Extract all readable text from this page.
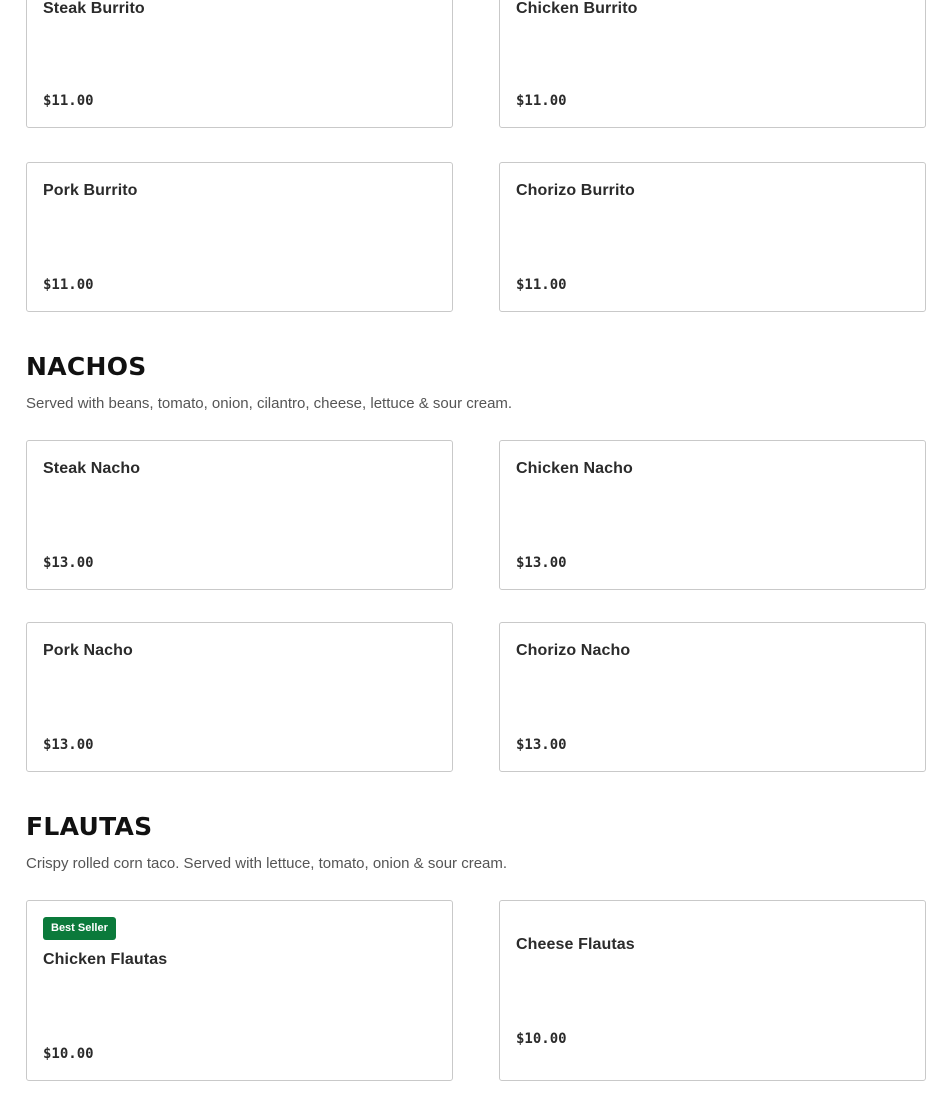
Steak Burrito
$11.00
Chicken Burrito
$11.00
Pork Burrito
$11.00
Chorizo Burrito
$11.00
NACHOS

Served with beans, tomato, onion, cilantro, cheese, lettuce & sour cream.

Steak Nacho
$13.00
Chicken Nacho
$13.00
Pork Nacho
$13.00
Chorizo Nacho
$13.00
FLAUTAS

Crispy rolled corn taco. Served with lettuce, tomato, onion & sour cream.

Best Seller
Chicken Flautas
$10.00
Cheese Flautas
$10.00
